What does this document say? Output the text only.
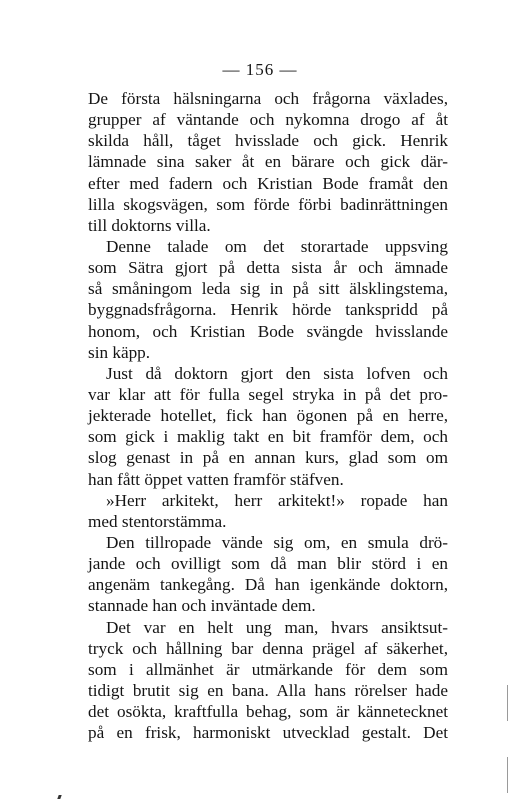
— 156 —
De första hälsningarna och frågorna växlades,
grupper af väntande och nykomna drogo af åt
skilda håll, tåget hvisslade och gick. Henrik
lämnade sina saker åt en bärare och gick där-
efter med fadern och Kristian Bode framåt den
lilla skogsvägen, som förde förbi badinrättningen
till doktorns villa.
Denne talade om det storartade uppsving
som Sätra gjort på detta sista år och ämnade
så småningom leda sig in på sitt älsklingstema,
byggnadsfrågorna. Henrik hörde tankspridd på
honom, och Kristian Bode svängde hvisslande
sin käpp.
Just då doktorn gjort den sista lofven och
var klar att för fulla segel stryka in på det pro-
jekterade hotellet, fick han ögonen på en herre,
som gick i maklig takt en bit framför dem, och
slog genast in på en annan kurs, glad som om
han fått öppet vatten framför stäfven.
»Herr arkitekt, herr arkitekt!» ropade han
med stentorstämma.
Den tillropade vände sig om, en smula drö-
jande och ovilligt som då man blir störd i en
angenäm tankegång. Då han igenkände doktorn,
stannade han och inväntade dem.
Det var en helt ung man, hvars ansiktsut-
tryck och hållning bar denna prägel af säkerhet,
som i allmänhet är utmärkande för dem som
tidigt brutit sig en bana. Alla hans rörelser hade
det osökta, kraftfulla behag, som är kännetecknet
på en frisk, harmoniskt utvecklad gestalt. Det
